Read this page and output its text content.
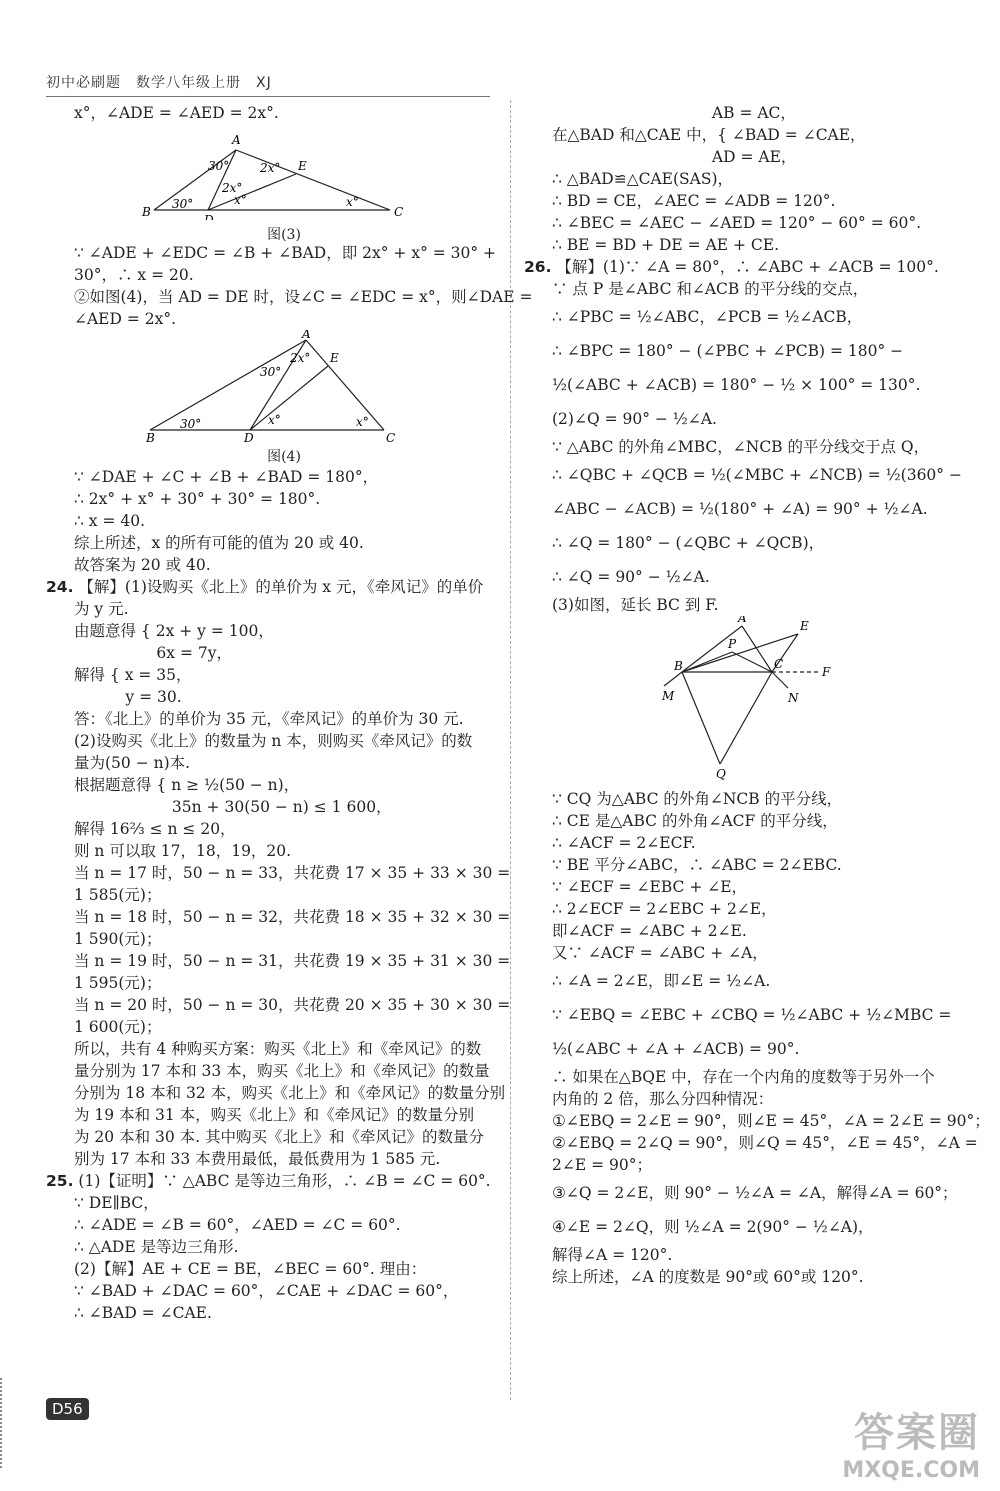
初中必刷题　数学八年级上册　XJ
x°，∠ADE = ∠AED = 2x°.
A
B	C
D
E
30°
30°	2x°
2x°
x°	x°
图(3)
∵ ∠ADE + ∠EDC = ∠B + ∠BAD，即 2x° + x° = 30° +
30°，∴ x = 20.
②如图(4)，当 AD = DE 时，设∠C = ∠EDC = x°，则∠DAE =
∠AED = 2x°.
A
B	C
D
E
30°
30°
2x°
x°	x°
图(4)
∵ ∠DAE + ∠C + ∠B + ∠BAD = 180°，
∴ 2x° + x° + 30° + 30° = 180°.
∴ x = 40.
综上所述，x 的所有可能的值为 20 或 40.
故答案为 20 或 40.
24. 【解】(1)设购买《北上》的单价为 x 元，《牵风记》的单价
为 y 元.
由题意得 { 2x + y = 100，
　　　　　 6x = 7y，
解得 { x = 35，
　　　 y = 30.
答：《北上》的单价为 35 元，《牵风记》的单价为 30 元.
(2)设购买《北上》的数量为 n 本，则购买《牵风记》的数
量为(50 − n)本.
根据题意得 { n ≥ ½(50 − n)，
　　　　　　 35n + 30(50 − n) ≤ 1 600，
解得 16⅔ ≤ n ≤ 20，
则 n 可以取 17，18，19，20.
当 n = 17 时，50 − n = 33，共花费 17 × 35 + 33 × 30 =
1 585(元)；
当 n = 18 时，50 − n = 32，共花费 18 × 35 + 32 × 30 =
1 590(元)；
当 n = 19 时，50 − n = 31，共花费 19 × 35 + 31 × 30 =
1 595(元)；
当 n = 20 时，50 − n = 30，共花费 20 × 35 + 30 × 30 =
1 600(元)；
所以，共有 4 种购买方案：购买《北上》和《牵风记》的数
量分别为 17 本和 33 本，购买《北上》和《牵风记》的数量
分别为 18 本和 32 本，购买《北上》和《牵风记》的数量分别
为 19 本和 31 本，购买《北上》和《牵风记》的数量分别
为 20 本和 30 本. 其中购买《北上》和《牵风记》的数量分
别为 17 本和 33 本费用最低，最低费用为 1 585 元.
25. (1)【证明】∵ △ABC 是等边三角形，∴ ∠B = ∠C = 60°.
∵ DE∥BC，
∴ ∠ADE = ∠B = 60°，∠AED = ∠C = 60°.
∴ △ADE 是等边三角形.
(2)【解】AE + CE = BE，∠BEC = 60°. 理由：
∵ ∠BAD + ∠DAC = 60°，∠CAE + ∠DAC = 60°，
∴ ∠BAD = ∠CAE.
　　　　　　　　　　 AB = AC，
在△BAD 和△CAE 中，{ ∠BAD = ∠CAE，
　　　　　　　　　　 AD = AE，
∴ △BAD≌△CAE(SAS)，
∴ BD = CE，∠AEC = ∠ADB = 120°.
∴ ∠BEC = ∠AEC − ∠AED = 120° − 60° = 60°.
∴ BE = BD + DE = AE + CE.
26. 【解】(1)∵ ∠A = 80°，∴ ∠ABC + ∠ACB = 100°.
∵ 点 P 是∠ABC 和∠ACB 的平分线的交点，
∴ ∠PBC = ½∠ABC，∠PCB = ½∠ACB，
∴ ∠BPC = 180° − (∠PBC + ∠PCB) = 180° −
½(∠ABC + ∠ACB) = 180° − ½ × 100° = 130°.
(2)∠Q = 90° − ½∠A.
∵ △ABC 的外角∠MBC，∠NCB 的平分线交于点 Q，
∴ ∠QBC + ∠QCB = ½(∠MBC + ∠NCB) = ½(360° −
∠ABC − ∠ACB) = ½(180° + ∠A) = 90° + ½∠A.
∴ ∠Q = 180° − (∠QBC + ∠QCB)，
∴ ∠Q = 90° − ½∠A.
(3)如图，延长 BC 到 F.
A
B	C
E
F
M	N
P
Q
∵ CQ 为△ABC 的外角∠NCB 的平分线，
∴ CE 是△ABC 的外角∠ACF 的平分线，
∴ ∠ACF = 2∠ECF.
∵ BE 平分∠ABC，∴ ∠ABC = 2∠EBC.
∵ ∠ECF = ∠EBC + ∠E，
∴ 2∠ECF = 2∠EBC + 2∠E，
即∠ACF = ∠ABC + 2∠E.
又∵ ∠ACF = ∠ABC + ∠A，
∴ ∠A = 2∠E，即∠E = ½∠A.
∵ ∠EBQ = ∠EBC + ∠CBQ = ½∠ABC + ½∠MBC =
½(∠ABC + ∠A + ∠ACB) = 90°.
∴ 如果在△BQE 中，存在一个内角的度数等于另外一个
内角的 2 倍，那么分四种情况：
①∠EBQ = 2∠E = 90°，则∠E = 45°，∠A = 2∠E = 90°；
②∠EBQ = 2∠Q = 90°，则∠Q = 45°，∠E = 45°，∠A =
2∠E = 90°；
③∠Q = 2∠E，则 90° − ½∠A = ∠A，解得∠A = 60°；
④∠E = 2∠Q，则 ½∠A = 2(90° − ½∠A)，
解得∠A = 120°.
综上所述，∠A 的度数是 90°或 60°或 120°.
D56
答案圈
MXQE.COM
